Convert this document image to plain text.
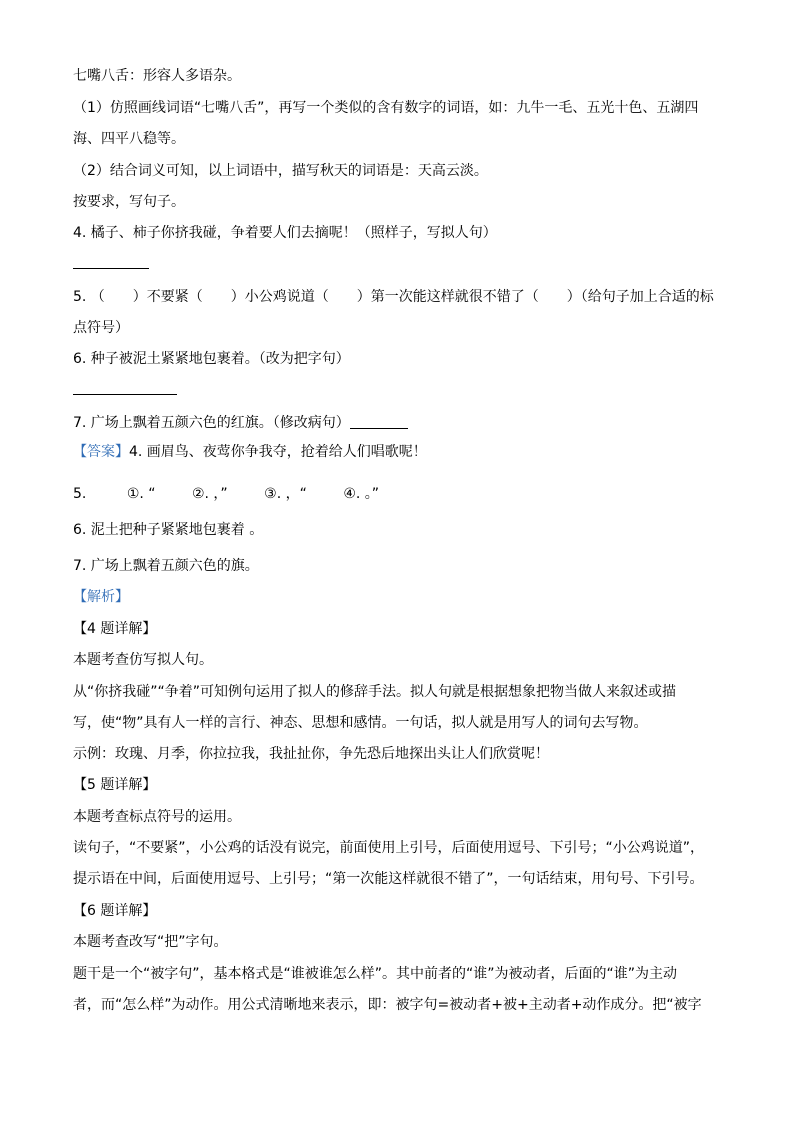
七嘴八舌：形容人多语杂。
（1）仿照画线词语“七嘴八舌”，再写一个类似的含有数字的词语，如：九牛一毛、五光十色、五湖四
海、四平八稳等。
（2）结合词义可知，以上词语中，描写秋天的词语是：天高云淡。
按要求，写句子。
4. 橘子、柿子你挤我碰，争着要人们去摘呢！（照样子，写拟人句）
5. （　　）不要紧（　　）小公鸡说道（　　）第一次能这样就很不错了（　　）（给句子加上合适的标
点符号）
6. 种子被泥土紧紧地包裹着。（改为把字句）
7. 广场上飘着五颜六色的红旗。（修改病句）
【答案】4. 画眉鸟、夜莺你争我夺，抢着给人们唱歌呢！
5.	①. “	②. ，”	③. ，“	④. 。”
6. 泥土把种子紧紧地包裹着 。
7. 广场上飘着五颜六色的旗。
【解析】
【4 题详解】
本题考查仿写拟人句。
从“你挤我碰”“争着”可知例句运用了拟人的修辞手法。拟人句就是根据想象把物当做人来叙述或描
写，使“物”具有人一样的言行、神态、思想和感情。一句话，拟人就是用写人的词句去写物。
示例：玫瑰、月季，你拉拉我，我扯扯你，争先恐后地探出头让人们欣赏呢！
【5 题详解】
本题考查标点符号的运用。
读句子，“不要紧”，小公鸡的话没有说完，前面使用上引号，后面使用逗号、下引号；“小公鸡说道”，
提示语在中间，后面使用逗号、上引号；“第一次能这样就很不错了”，一句话结束，用句号、下引号。
【6 题详解】
本题考查改写“把”字句。
题干是一个“被字句”，基本格式是“谁被谁怎么样”。其中前者的“谁”为被动者，后面的“谁”为主动
者，而“怎么样”为动作。用公式清晰地来表示，即：被字句=被动者+被+主动者+动作成分。把“被字
